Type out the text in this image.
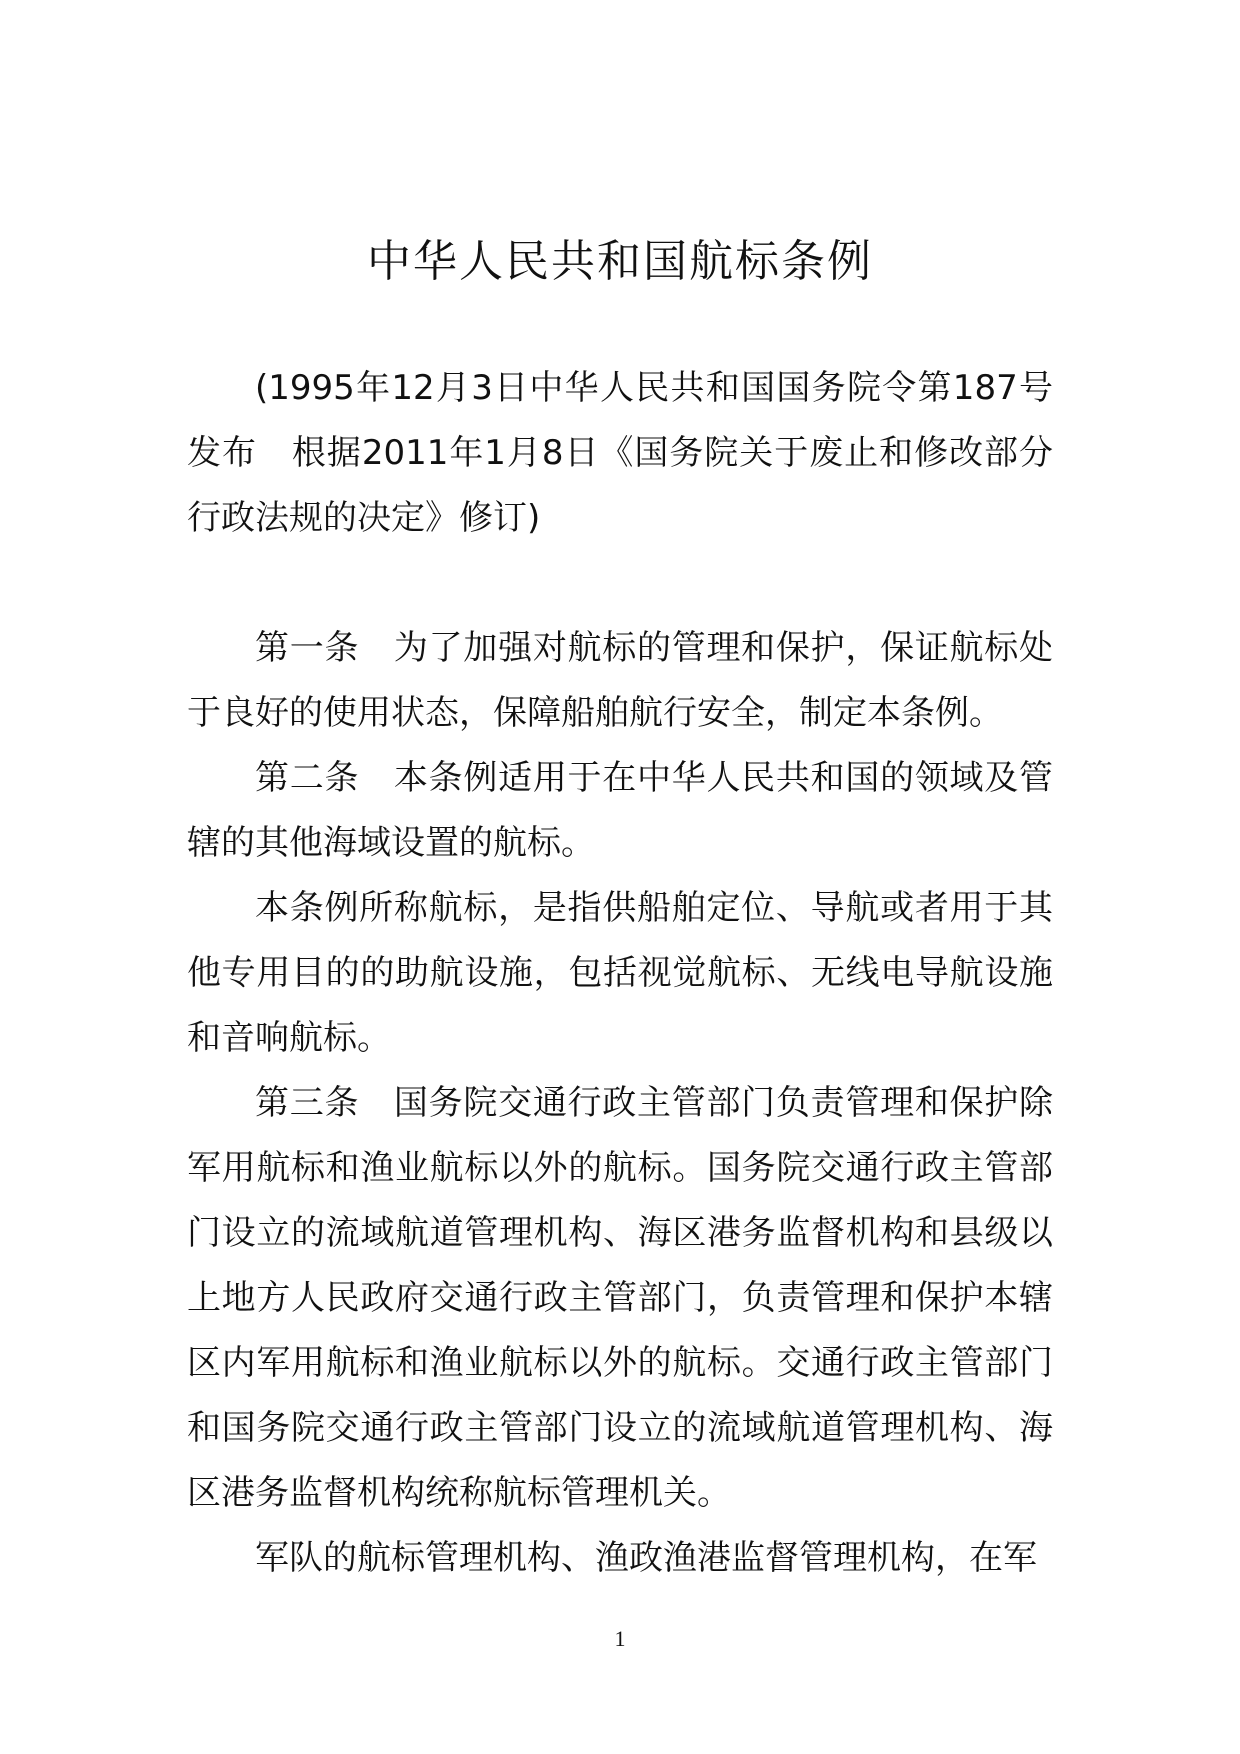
中华人民共和国航标条例

(1995年12月3日中华人民共和国国务院令第187号发布　根据2011年1月8日《国务院关于废止和修改部分行政法规的决定》修订)

第一条　为了加强对航标的管理和保护，保证航标处于良好的使用状态，保障船舶航行安全，制定本条例。

第二条　本条例适用于在中华人民共和国的领域及管辖的其他海域设置的航标。

本条例所称航标，是指供船舶定位、导航或者用于其他专用目的的助航设施，包括视觉航标、无线电导航设施和音响航标。

第三条　国务院交通行政主管部门负责管理和保护除军用航标和渔业航标以外的航标。国务院交通行政主管部门设立的流域航道管理机构、海区港务监督机构和县级以上地方人民政府交通行政主管部门，负责管理和保护本辖区内军用航标和渔业航标以外的航标。交通行政主管部门和国务院交通行政主管部门设立的流域航道管理机构、海区港务监督机构统称航标管理机关。

军队的航标管理机构、渔政渔港监督管理机构，在军

1
